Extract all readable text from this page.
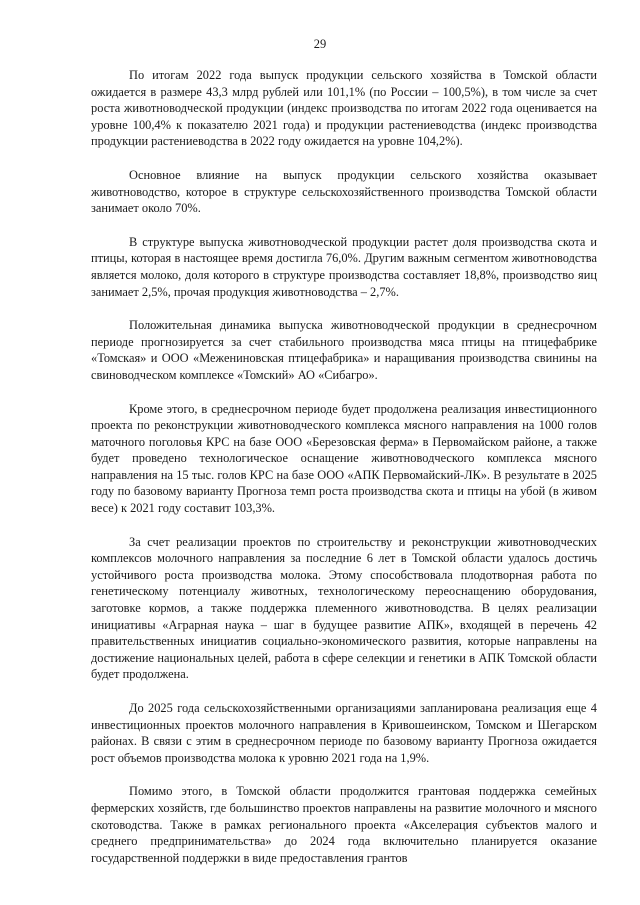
29

По итогам 2022 года выпуск продукции сельского хозяйства в Томской области ожидается в размере 43,3 млрд рублей или 101,1% (по России – 100,5%), в том числе за счет роста животноводческой продукции (индекс производства по итогам 2022 года оценивается на уровне 100,4% к показателю 2021 года) и продукции растениеводства (индекс производства продукции растениеводства в 2022 году ожидается на уровне 104,2%).

Основное влияние на выпуск продукции сельского хозяйства оказывает животноводство, которое в структуре сельскохозяйственного производства Томской области занимает около 70%.

В структуре выпуска животноводческой продукции растет доля производства скота и птицы, которая в настоящее время достигла 76,0%. Другим важным сегментом животноводства является молоко, доля которого в структуре производства составляет 18,8%, производство яиц занимает 2,5%, прочая продукция животноводства – 2,7%.

Положительная динамика выпуска животноводческой продукции в среднесрочном периоде прогнозируется за счет стабильного производства мяса птицы на птицефабрике «Томская» и ООО «Межениновская птицефабрика» и наращивания производства свинины на свиноводческом комплексе «Томский» АО «Сибагро».

Кроме этого, в среднесрочном периоде будет продолжена реализация инвестиционного проекта по реконструкции животноводческого комплекса мясного направления на 1000 голов маточного поголовья КРС на базе ООО «Березовская ферма» в Первомайском районе, а также будет проведено технологическое оснащение животноводческого комплекса мясного направления на 15 тыс. голов КРС на базе ООО «АПК Первомайский-ЛК». В результате в 2025 году по базовому варианту Прогноза темп роста производства скота и птицы на убой (в живом весе) к 2021 году составит 103,3%.

За счет реализации проектов по строительству и реконструкции животноводческих комплексов молочного направления за последние 6 лет в Томской области удалось достичь устойчивого роста производства молока. Этому способствовала плодотворная работа по генетическому потенциалу животных, технологическому переоснащению оборудования, заготовке кормов, а также поддержка племенного животноводства. В целях реализации инициативы «Аграрная наука – шаг в будущее развитие АПК», входящей в перечень 42 правительственных инициатив социально-экономического развития, которые направлены на достижение национальных целей, работа в сфере селекции и генетики в АПК Томской области будет продолжена.

До 2025 года сельскохозяйственными организациями запланирована реализация еще 4 инвестиционных проектов молочного направления в Кривошеинском, Томском и Шегарском районах. В связи с этим в среднесрочном периоде по базовому варианту Прогноза ожидается рост объемов производства молока к уровню 2021 года на 1,9%.

Помимо этого, в Томской области продолжится грантовая поддержка семейных фермерских хозяйств, где большинство проектов направлены на развитие молочного и мясного скотоводства. Также в рамках регионального проекта «Акселерация субъектов малого и среднего предпринимательства» до 2024 года включительно планируется оказание государственной поддержки в виде предоставления грантов
